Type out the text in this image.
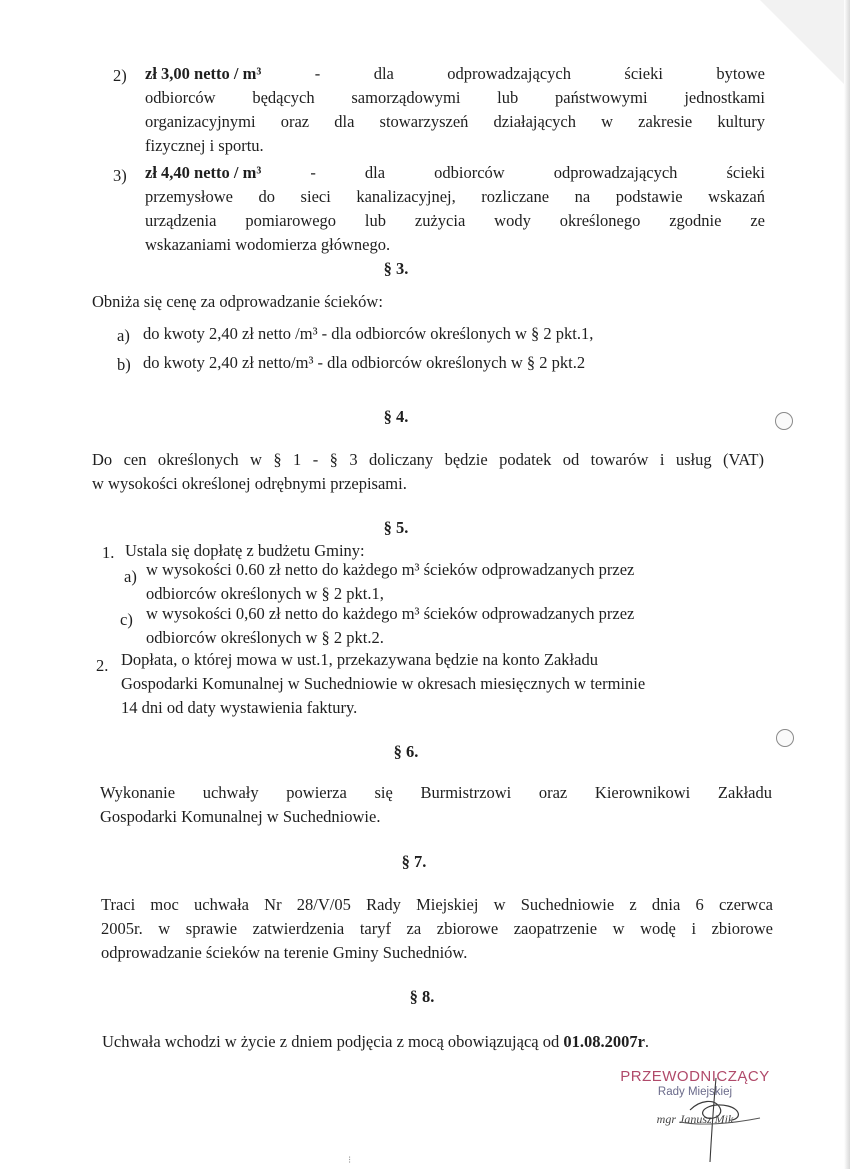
2) zł 3,00 netto / m³	-	dla	odprowadzających	ścieki	bytowe
odbiorców będących samorządowymi lub państwowymi jednostkami
organizacyjnymi oraz dla stowarzyszeń działających w zakresie kultury
fizycznej i sportu.
3) zł 4,40 netto / m³	-	dla	odbiorców	odprowadzających	ścieki
przemysłowe do sieci kanalizacyjnej, rozliczane na podstawie wskazań
urządzenia pomiarowego lub zużycia wody określonego zgodnie ze
wskazaniami wodomierza głównego.
§ 3.
Obniża się cenę za odprowadzanie ścieków:
a) do kwoty 2,40 zł netto /m³ - dla odbiorców określonych w § 2 pkt.1,
b) do kwoty 2,40 zł netto/m³ - dla odbiorców określonych w § 2 pkt.2
§ 4.
Do cen określonych w § 1 - § 3 doliczany będzie podatek od towarów i usług (VAT)
w wysokości określonej odrębnymi przepisami.
§ 5.
1. Ustala się dopłatę z budżetu Gminy:
a) w wysokości 0.60 zł netto do każdego m³ ścieków odprowadzanych przez
odbiorców określonych w § 2 pkt.1,
c) w wysokości 0,60 zł netto do każdego m³ ścieków odprowadzanych przez
odbiorców określonych w § 2 pkt.2.
2. Dopłata, o której mowa w ust.1, przekazywana będzie na konto Zakładu
Gospodarki Komunalnej w Suchedniowie w okresach miesięcznych w terminie
14 dni od daty wystawienia faktury.
§ 6.
Wykonanie uchwały powierza się Burmistrzowi oraz Kierownikowi Zakładu
Gospodarki Komunalnej w Suchedniowie.
§ 7.
Traci moc uchwała Nr 28/V/05 Rady Miejskiej w Suchedniowie z dnia 6 czerwca
2005r. w sprawie zatwierdzenia taryf za zbiorowe zaopatrzenie w wodę i zbiorowe
odprowadzanie ścieków na terenie Gminy Suchedniów.
§ 8.
Uchwała wchodzi w życie z dniem podjęcia z mocą obowiązującą od 01.08.2007r.
PRZEWODNICZĄCY
Rady Miejskiej
mgr Janusz Mik
⁝
